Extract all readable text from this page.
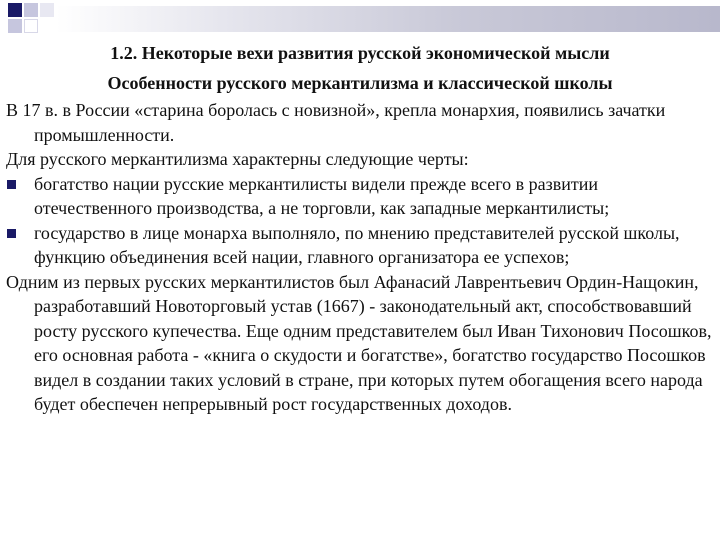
1.2. Некоторые вехи развития русской экономической мысли
Особенности русского меркантилизма и классической школы

В 17 в. в России «старина боролась с новизной», крепла монархия, появились зачатки промышленности.

Для русского меркантилизма характерны следующие черты:

богатство нации русские меркантилисты видели прежде всего в развитии отечественного производства, а не торговли, как западные меркантилисты;
государство в лице монарха выполняло, по мнению представителей русской школы, функцию объединения всей нации, главного организатора ее успехов;

Одним из первых русских меркантилистов был Афанасий Лаврентьевич Ордин-Нащокин, разработавший Новоторговый устав (1667) - законодательный акт, способствовавший росту русского купечества. Еще одним представителем был Иван Тихонович Посошков, его основная работа - «книга о скудости и богатстве», богатство государство Посошков видел в создании таких условий в стране, при которых путем обогащения всего народа будет обеспечен непрерывный рост государственных доходов.
